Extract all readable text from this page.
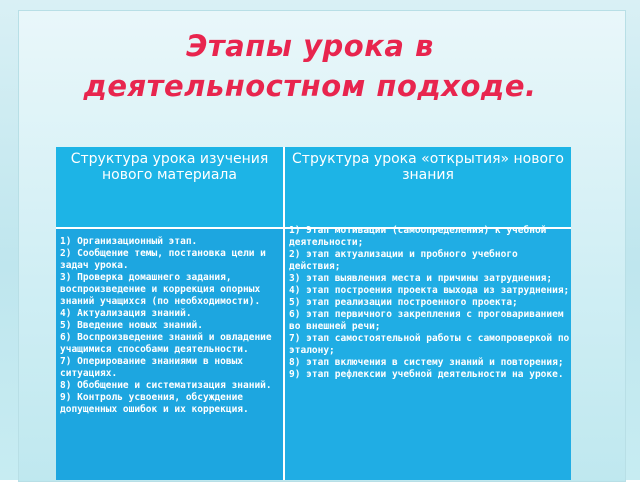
Этапы урока в
деятельностном подходе.
Структура урока изучения нового материала
Структура урока «открытия» нового знания
1) Организационный этап.
2) Сообщение темы, постановка цели и задач урока.
3) Проверка домашнего задания, воспроизведение и коррекция опорных знаний учащихся (по необходимости).
4) Актуализация знаний.
5) Введение новых знаний.
6) Воспроизведение знаний и овладение учащимися способами деятельности.
7) Оперирование знаниями в новых ситуациях.
8) Обобщение и систематизация знаний.
9) Контроль усвоения, обсуждение допущенных ошибок и их коррекция.
1) Этап мотивации (самоопределения) к учебной деятельности;
2) этап актуализации и пробного учебного действия;
3) этап выявления места и причины затруднения;
4) этап построения проекта выхода из затруднения;
5) этап реализации построенного проекта;
6) этап первичного закрепления с проговариванием во внешней речи;
7) этап самостоятельной работы с самопроверкой по эталону;
8) этап включения в систему знаний и повторения;
9) этап рефлексии учебной деятельности на уроке.
